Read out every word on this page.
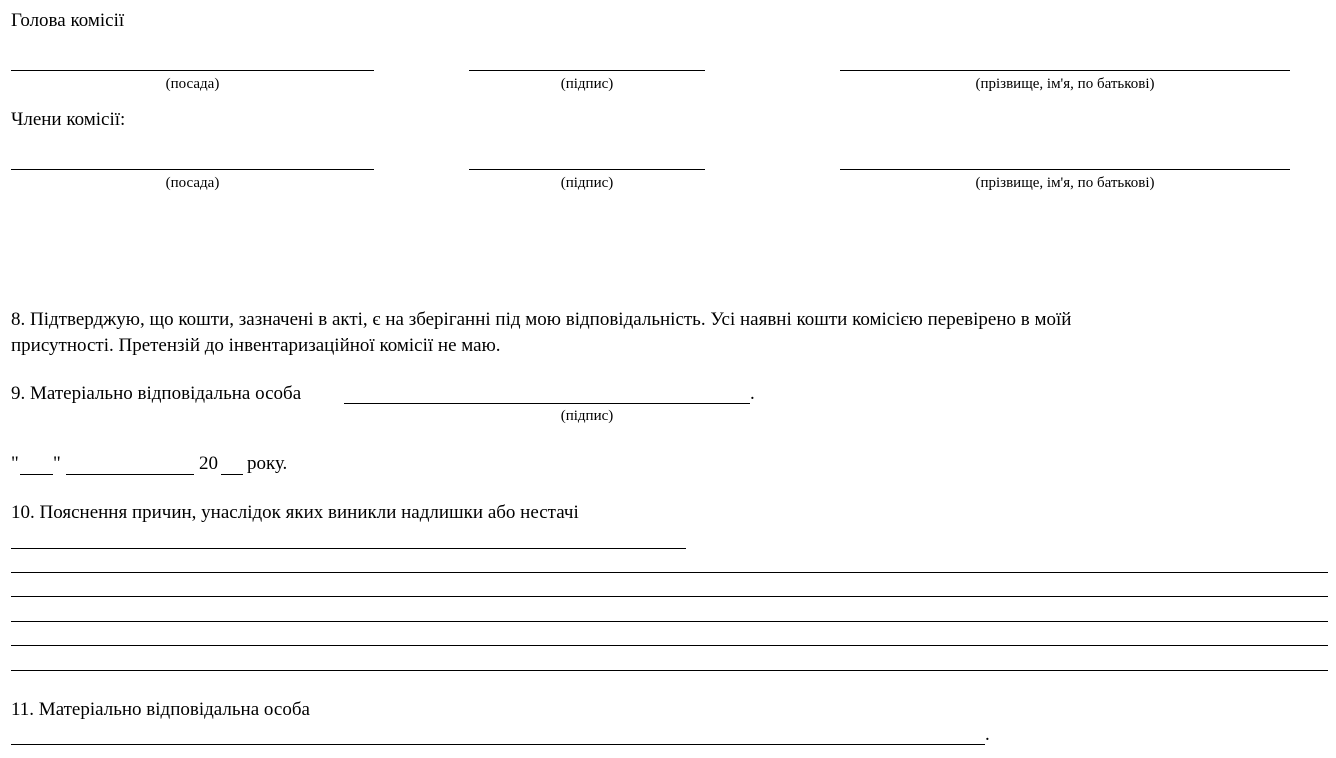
Голова комісії
(посада)	(підпис)	(прізвище, ім'я, по батькові)
Члени комісії:
(посада)	(підпис)	(прізвище, ім'я, по батькові)
8. Підтверджую, що кошти, зазначені в акті, є на зберіганні під мою відповідальність. Усі наявні кошти комісією перевірено в моїй
присутності. Претензій до інвентаризаційної комісії не маю.
9. Матеріально відповідальна особа	.
(підпис)
" "	20 року.
10. Пояснення причин, унаслідок яких виникли надлишки або нестачі
11. Матеріально відповідальна особа
.
